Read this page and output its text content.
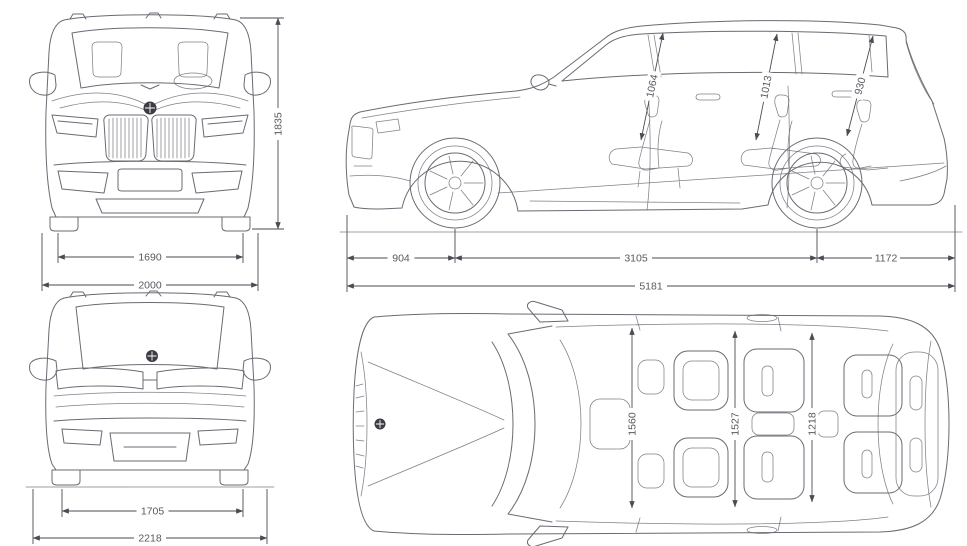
1835
1690
2000
1705
2218
1064	1013	930
904	3105	1172
5181
1560	1527	1218
